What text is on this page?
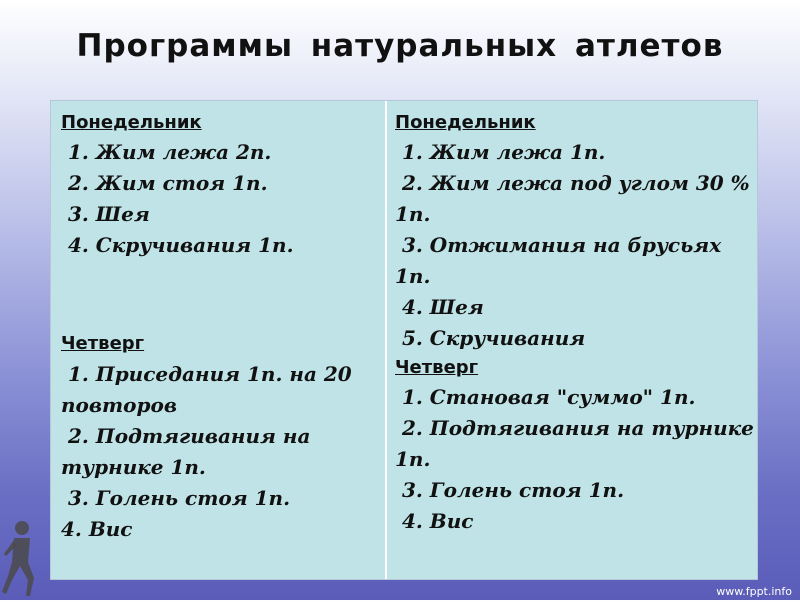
Программы натуральных атлетов
Понедельник
1. Жим лежа 2п.
2. Жим стоя 1п.
3. Шея
4. Скручивания 1п.
Четверг
1. Приседания 1п. на 20
повторов
2. Подтягивания на
турнике 1п.
3. Голень стоя 1п.
4. Вис
Понедельник
1. Жим лежа 1п.
2. Жим лежа под углом 30 %
1п.
3. Отжимания на брусьях
1п.
4. Шея
5. Скручивания
Четверг
1. Становая "суммо" 1п.
2. Подтягивания на турнике
1п.
3. Голень стоя 1п.
4. Вис
www.fppt.info
